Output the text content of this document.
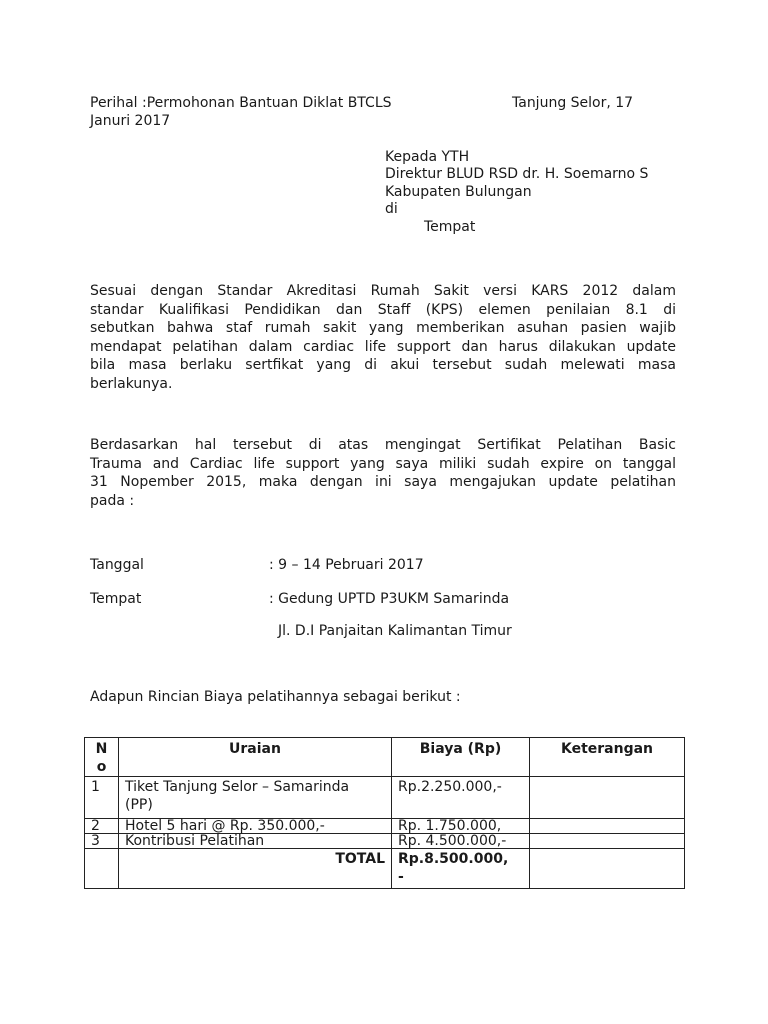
Perihal :Permohonan Bantuan Diklat BTCLS	Tanjung Selor, 17
Januri 2017
Kepada YTH
Direktur BLUD RSD dr. H. Soemarno S
Kabupaten Bulungan
di
Tempat
Sesuai dengan Standar Akreditasi Rumah Sakit versi KARS 2012 dalam
standar Kualifikasi Pendidikan dan Staff (KPS) elemen penilaian 8.1 di
sebutkan bahwa staf rumah sakit yang memberikan asuhan pasien wajib
mendapat pelatihan dalam cardiac life support dan harus dilakukan update
bila masa berlaku sertfikat yang di akui tersebut sudah melewati masa
berlakunya.
Berdasarkan hal tersebut di atas mengingat Sertifikat Pelatihan Basic
Trauma and Cardiac life support yang saya miliki sudah expire on tanggal
31 Nopember 2015, maka dengan ini saya mengajukan update pelatihan
pada :
Tanggal	: 9 – 14 Pebruari 2017
Tempat	: Gedung UPTD P3UKM Samarinda
Jl. D.I Panjaitan Kalimantan Timur
Adapun Rincian Biaya pelatihannya sebagai berikut :
N
o	Uraian	Biaya (Rp)	Keterangan
1	Tiket Tanjung Selor – Samarinda
(PP)	Rp.2.250.000,-	
2	Hotel 5 hari @ Rp. 350.000,-	Rp. 1.750.000,	
3	Kontribusi Pelatihan	Rp. 4.500.000,-	
	TOTAL	Rp.8.500.000,
-	
